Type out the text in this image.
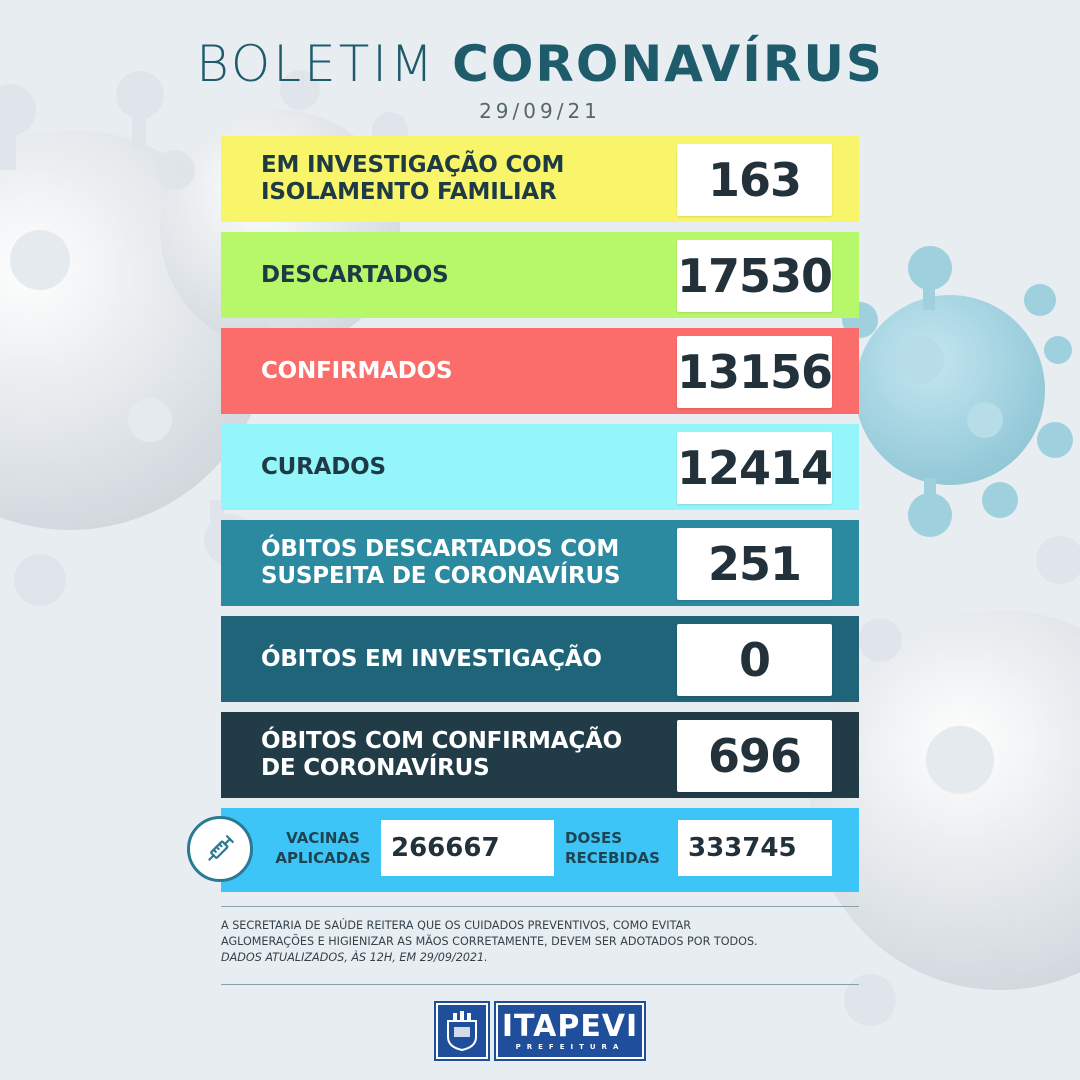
BOLETIM CORONAVÍRUS
29/09/21
EM INVESTIGAÇÃO COM ISOLAMENTO FAMILIAR	163
DESCARTADOS	17530
CONFIRMADOS	13156
CURADOS	12414
ÓBITOS DESCARTADOS COM SUSPEITA DE CORONAVÍRUS	251
ÓBITOS EM INVESTIGAÇÃO	0
ÓBITOS COM CONFIRMAÇÃO DE CORONAVÍRUS	696
VACINAS APLICADAS 266667	DOSES RECEBIDAS	333745
A SECRETARIA DE SAÚDE REITERA QUE OS CUIDADOS PREVENTIVOS, COMO EVITAR
AGLOMERAÇÕES E HIGIENIZAR AS MÃOS CORRETAMENTE, DEVEM SER ADOTADOS POR TODOS.
DADOS ATUALIZADOS, ÀS 12H, EM 29/09/2021.
ITAPEVI
PREFEITURA
